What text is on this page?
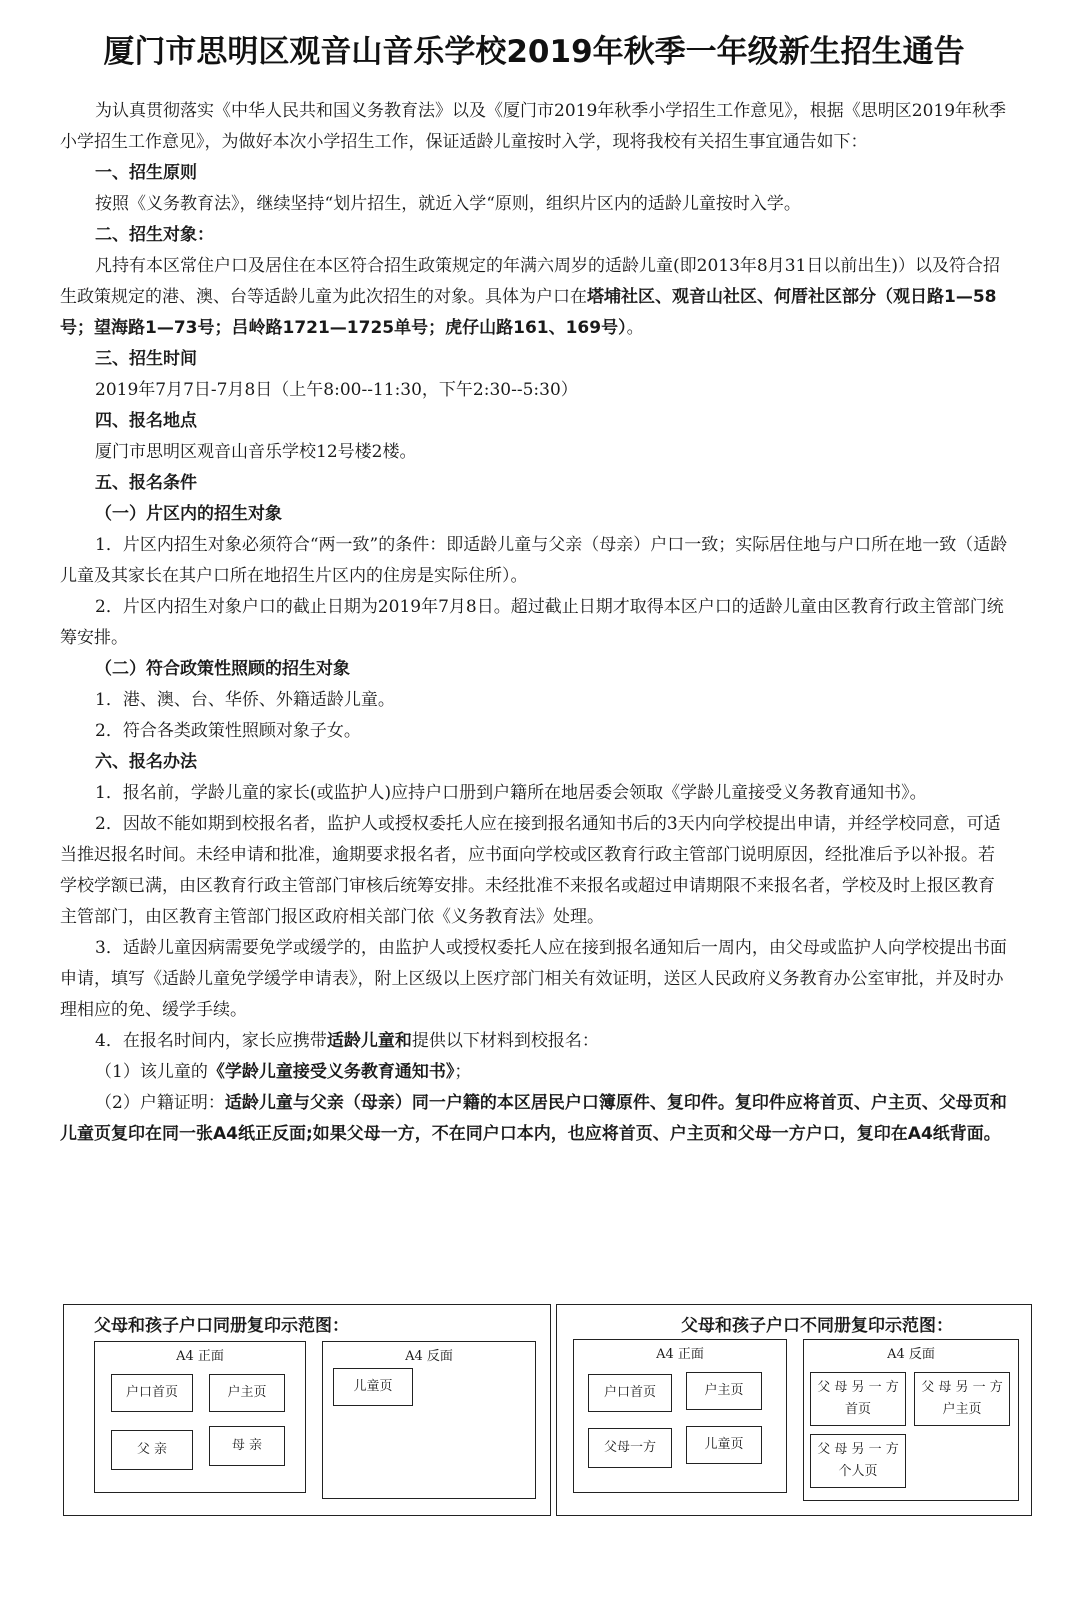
厦门市思明区观音山音乐学校2019年秋季一年级新生招生通告

为认真贯彻落实《中华人民共和国义务教育法》以及《厦门市2019年秋季小学招生工作意见》，根据《思明区2019年秋季小学招生工作意见》，为做好本次小学招生工作，保证适龄儿童按时入学，现将我校有关招生事宜通告如下：

一、招生原则

按照《义务教育法》，继续坚持“划片招生，就近入学“原则，组织片区内的适龄儿童按时入学。

二、招生对象：

凡持有本区常住户口及居住在本区符合招生政策规定的年满六周岁的适龄儿童(即2013年8月31日以前出生)）以及符合招生政策规定的港、澳、台等适龄儿童为此次招生的对象。具体为户口在塔埔社区、观音山社区、何厝社区部分（观日路1—58号；望海路1—73号；吕岭路1721—1725单号；虎仔山路161、169号）。

三、招生时间

2019年7月7日-7月8日（上午8:00--11:30，下午2:30--5:30）

四、报名地点

厦门市思明区观音山音乐学校12号楼2楼。

五、报名条件

（一）片区内的招生对象

1．片区内招生对象必须符合“两一致”的条件：即适龄儿童与父亲（母亲）户口一致；实际居住地与户口所在地一致（适龄儿童及其家长在其户口所在地招生片区内的住房是实际住所）。

2．片区内招生对象户口的截止日期为2019年7月8日。超过截止日期才取得本区户口的适龄儿童由区教育行政主管部门统筹安排。

（二）符合政策性照顾的招生对象

1．港、澳、台、华侨、外籍适龄儿童。

2．符合各类政策性照顾对象子女。

六、报名办法

1．报名前，学龄儿童的家长(或监护人)应持户口册到户籍所在地居委会领取《学龄儿童接受义务教育通知书》。

2．因故不能如期到校报名者，监护人或授权委托人应在接到报名通知书后的3天内向学校提出申请，并经学校同意，可适当推迟报名时间。未经申请和批准，逾期要求报名者，应书面向学校或区教育行政主管部门说明原因，经批准后予以补报。若学校学额已满，由区教育行政主管部门审核后统筹安排。未经批准不来报名或超过申请期限不来报名者，学校及时上报区教育主管部门，由区教育主管部门报区政府相关部门依《义务教育法》处理。

3．适龄儿童因病需要免学或缓学的，由监护人或授权委托人应在接到报名通知后一周内，由父母或监护人向学校提出书面申请，填写《适龄儿童免学缓学申请表》，附上区级以上医疗部门相关有效证明，送区人民政府义务教育办公室审批，并及时办理相应的免、缓学手续。

4．在报名时间内，家长应携带适龄儿童和提供以下材料到校报名：

（1）该儿童的《学龄儿童接受义务教育通知书》；

（2）户籍证明：适龄儿童与父亲（母亲）同一户籍的本区居民户口簿原件、复印件。复印件应将首页、户主页、父母页和儿童页复印在同一张A4纸正反面;如果父母一方，不在同户口本内，也应将首页、户主页和父母一方户口，复印在A4纸背面。

父母和孩子户口同册复印示范图：
A4 正面
户口首页	户主页
父 亲	母 亲
A4 反面
儿童页
父母和孩子户口不同册复印示范图：
A4 正面
户口首页	户主页
父母一方	儿童页
A4 反面
父 母 另 一 方首页
父 母 另 一 方户主页
父 母 另 一 方个人页
